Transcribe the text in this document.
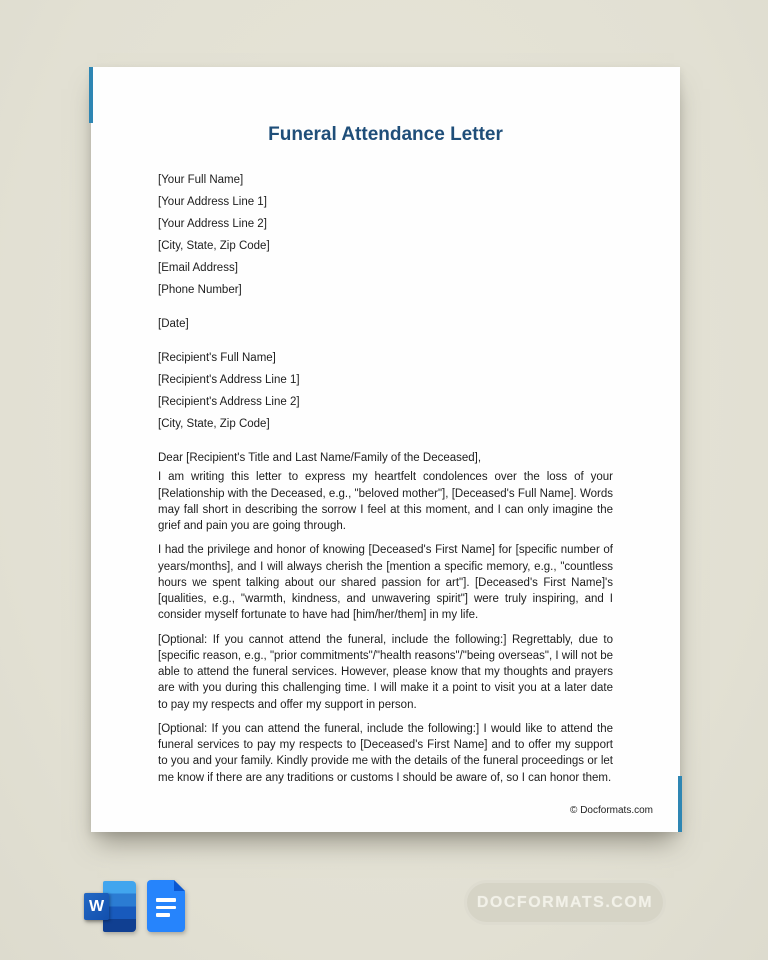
Funeral Attendance Letter

[Your Full Name]

[Your Address Line 1]

[Your Address Line 2]

[City, State, Zip Code]

[Email Address]

[Phone Number]

[Date]

[Recipient's Full Name]

[Recipient's Address Line 1]

[Recipient's Address Line 2]

[City, State, Zip Code]

Dear [Recipient's Title and Last Name/Family of the Deceased],

I am writing this letter to express my heartfelt condolences over the loss of your [Relationship with the Deceased, e.g., "beloved mother"], [Deceased's Full Name]. Words may fall short in describing the sorrow I feel at this moment, and I can only imagine the grief and pain you are going through.

I had the privilege and honor of knowing [Deceased's First Name] for [specific number of years/months], and I will always cherish the [mention a specific memory, e.g., "countless hours we spent talking about our shared passion for art"]. [Deceased's First Name]'s [qualities, e.g., "warmth, kindness, and unwavering spirit"] were truly inspiring, and I consider myself fortunate to have had [him/her/them] in my life.

[Optional: If you cannot attend the funeral, include the following:] Regrettably, due to [specific reason, e.g., "prior commitments"/"health reasons"/"being overseas", I will not be able to attend the funeral services. However, please know that my thoughts and prayers are with you during this challenging time. I will make it a point to visit you at a later date to pay my respects and offer my support in person.

[Optional: If you can attend the funeral, include the following:] I would like to attend the funeral services to pay my respects to [Deceased's First Name] and to offer my support to you and your family. Kindly provide me with the details of the funeral proceedings or let me know if there are any traditions or customs I should be aware of, so I can honor them.

© Docformats.com
W	DOCFORMATS.COM
